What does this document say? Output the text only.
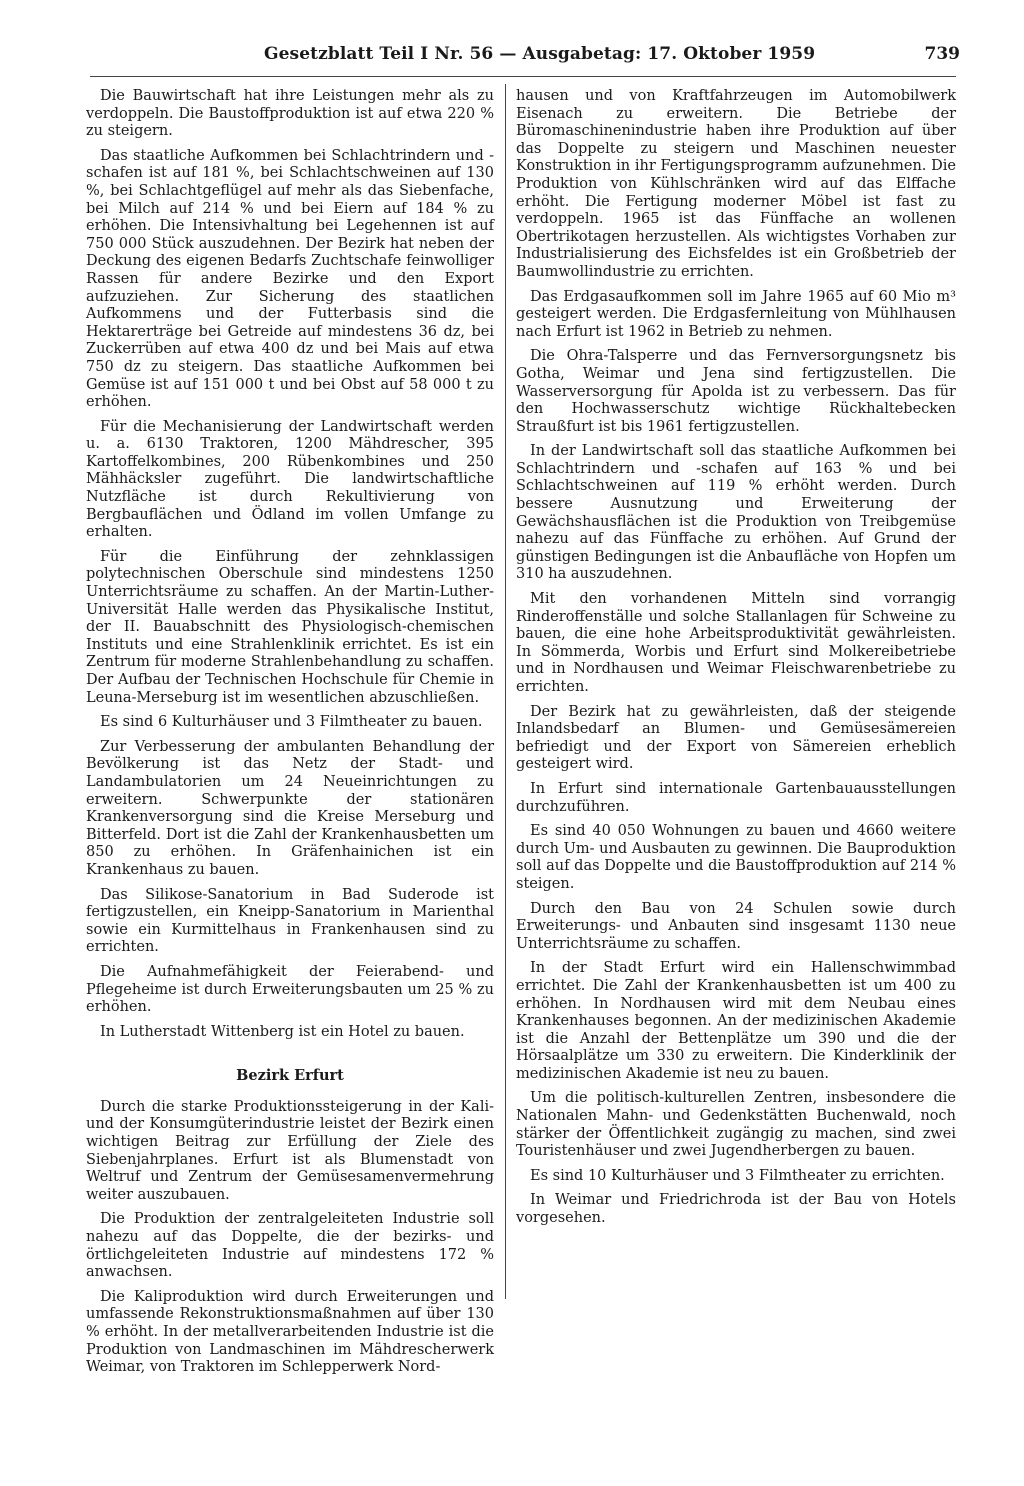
Gesetzblatt Teil I Nr. 56 — Ausgabetag: 17. Oktober 1959	739

Die Bauwirtschaft hat ihre Leistungen mehr als zu verdoppeln. Die Baustoffproduktion ist auf etwa 220 % zu steigern.

Das staatliche Aufkommen bei Schlachtrindern und -schafen ist auf 181 %, bei Schlachtschweinen auf 130 %, bei Schlachtgeflügel auf mehr als das Siebenfache, bei Milch auf 214 % und bei Eiern auf 184 % zu erhöhen. Die Intensivhaltung bei Legehennen ist auf 750 000 Stück auszudehnen. Der Bezirk hat neben der Deckung des eigenen Bedarfs Zuchtschafe feinwolliger Rassen für andere Bezirke und den Export aufzuziehen. Zur Sicherung des staatlichen Aufkommens und der Futterbasis sind die Hektarerträge bei Getreide auf mindestens 36 dz, bei Zuckerrüben auf etwa 400 dz und bei Mais auf etwa 750 dz zu steigern. Das staatliche Aufkommen bei Gemüse ist auf 151 000 t und bei Obst auf 58 000 t zu erhöhen.

Für die Mechanisierung der Landwirtschaft werden u. a. 6130 Traktoren, 1200 Mähdrescher, 395 Kartoffelkombines, 200 Rübenkombines und 250 Mähhäcksler zugeführt. Die landwirtschaftliche Nutzfläche ist durch Rekultivierung von Bergbauflächen und Ödland im vollen Umfange zu erhalten.

Für die Einführung der zehnklassigen polytechnischen Oberschule sind mindestens 1250 Unterrichtsräume zu schaffen. An der Martin-Luther-Universität Halle werden das Physikalische Institut, der II. Bauabschnitt des Physiologisch-chemischen Instituts und eine Strahlenklinik errichtet. Es ist ein Zentrum für moderne Strahlenbehandlung zu schaffen. Der Aufbau der Technischen Hochschule für Chemie in Leuna-Merseburg ist im wesentlichen abzuschließen.

Es sind 6 Kulturhäuser und 3 Filmtheater zu bauen.

Zur Verbesserung der ambulanten Behandlung der Bevölkerung ist das Netz der Stadt- und Landambulatorien um 24 Neueinrichtungen zu erweitern. Schwerpunkte der stationären Krankenversorgung sind die Kreise Merseburg und Bitterfeld. Dort ist die Zahl der Krankenhausbetten um 850 zu erhöhen. In Gräfenhainichen ist ein Krankenhaus zu bauen.

Das Silikose-Sanatorium in Bad Suderode ist fertigzustellen, ein Kneipp-Sanatorium in Marienthal sowie ein Kurmittelhaus in Frankenhausen sind zu errichten.

Die Aufnahmefähigkeit der Feierabend- und Pflegeheime ist durch Erweiterungsbauten um 25 % zu erhöhen.

In Lutherstadt Wittenberg ist ein Hotel zu bauen.

Bezirk Erfurt

Durch die starke Produktionssteigerung in der Kali- und der Konsumgüterindustrie leistet der Bezirk einen wichtigen Beitrag zur Erfüllung der Ziele des Siebenjahrplanes. Erfurt ist als Blumenstadt von Weltruf und Zentrum der Gemüsesamenvermehrung weiter auszubauen.

Die Produktion der zentralgeleiteten Industrie soll nahezu auf das Doppelte, die der bezirks- und örtlichgeleiteten Industrie auf mindestens 172 % anwachsen.

Die Kaliproduktion wird durch Erweiterungen und umfassende Rekonstruktionsmaßnahmen auf über 130 % erhöht. In der metallverarbeitenden Industrie ist die Produktion von Landmaschinen im Mähdrescherwerk Weimar, von Traktoren im Schlepperwerk Nord-

hausen und von Kraftfahrzeugen im Automobilwerk Eisenach zu erweitern. Die Betriebe der Büromaschinenindustrie haben ihre Produktion auf über das Doppelte zu steigern und Maschinen neuester Konstruktion in ihr Fertigungsprogramm aufzunehmen. Die Produktion von Kühlschränken wird auf das Elffache erhöht. Die Fertigung moderner Möbel ist fast zu verdoppeln. 1965 ist das Fünffache an wollenen Obertrikotagen herzustellen. Als wichtigstes Vorhaben zur Industrialisierung des Eichsfeldes ist ein Großbetrieb der Baumwollindustrie zu errichten.

Das Erdgasaufkommen soll im Jahre 1965 auf 60 Mio m³ gesteigert werden. Die Erdgasfernleitung von Mühlhausen nach Erfurt ist 1962 in Betrieb zu nehmen.

Die Ohra-Talsperre und das Fernversorgungsnetz bis Gotha, Weimar und Jena sind fertigzustellen. Die Wasserversorgung für Apolda ist zu verbessern. Das für den Hochwasserschutz wichtige Rückhaltebecken Straußfurt ist bis 1961 fertigzustellen.

In der Landwirtschaft soll das staatliche Aufkommen bei Schlachtrindern und -schafen auf 163 % und bei Schlachtschweinen auf 119 % erhöht werden. Durch bessere Ausnutzung und Erweiterung der Gewächshausflächen ist die Produktion von Treibgemüse nahezu auf das Fünffache zu erhöhen. Auf Grund der günstigen Bedingungen ist die Anbaufläche von Hopfen um 310 ha auszudehnen.

Mit den vorhandenen Mitteln sind vorrangig Rinderoffenställe und solche Stallanlagen für Schweine zu bauen, die eine hohe Arbeitsproduktivität gewährleisten. In Sömmerda, Worbis und Erfurt sind Molkereibetriebe und in Nordhausen und Weimar Fleischwarenbetriebe zu errichten.

Der Bezirk hat zu gewährleisten, daß der steigende Inlandsbedarf an Blumen- und Gemüsesämereien befriedigt und der Export von Sämereien erheblich gesteigert wird.

In Erfurt sind internationale Gartenbauausstellungen durchzuführen.

Es sind 40 050 Wohnungen zu bauen und 4660 weitere durch Um- und Ausbauten zu gewinnen. Die Bauproduktion soll auf das Doppelte und die Baustoffproduktion auf 214 % steigen.

Durch den Bau von 24 Schulen sowie durch Erweiterungs- und Anbauten sind insgesamt 1130 neue Unterrichtsräume zu schaffen.

In der Stadt Erfurt wird ein Hallenschwimmbad errichtet. Die Zahl der Krankenhausbetten ist um 400 zu erhöhen. In Nordhausen wird mit dem Neubau eines Krankenhauses begonnen. An der medizinischen Akademie ist die Anzahl der Bettenplätze um 390 und die der Hörsaalplätze um 330 zu erweitern. Die Kinderklinik der medizinischen Akademie ist neu zu bauen.

Um die politisch-kulturellen Zentren, insbesondere die Nationalen Mahn- und Gedenkstätten Buchenwald, noch stärker der Öffentlichkeit zugängig zu machen, sind zwei Touristenhäuser und zwei Jugendherbergen zu bauen.

Es sind 10 Kulturhäuser und 3 Filmtheater zu errichten.

In Weimar und Friedrichroda ist der Bau von Hotels vorgesehen.
